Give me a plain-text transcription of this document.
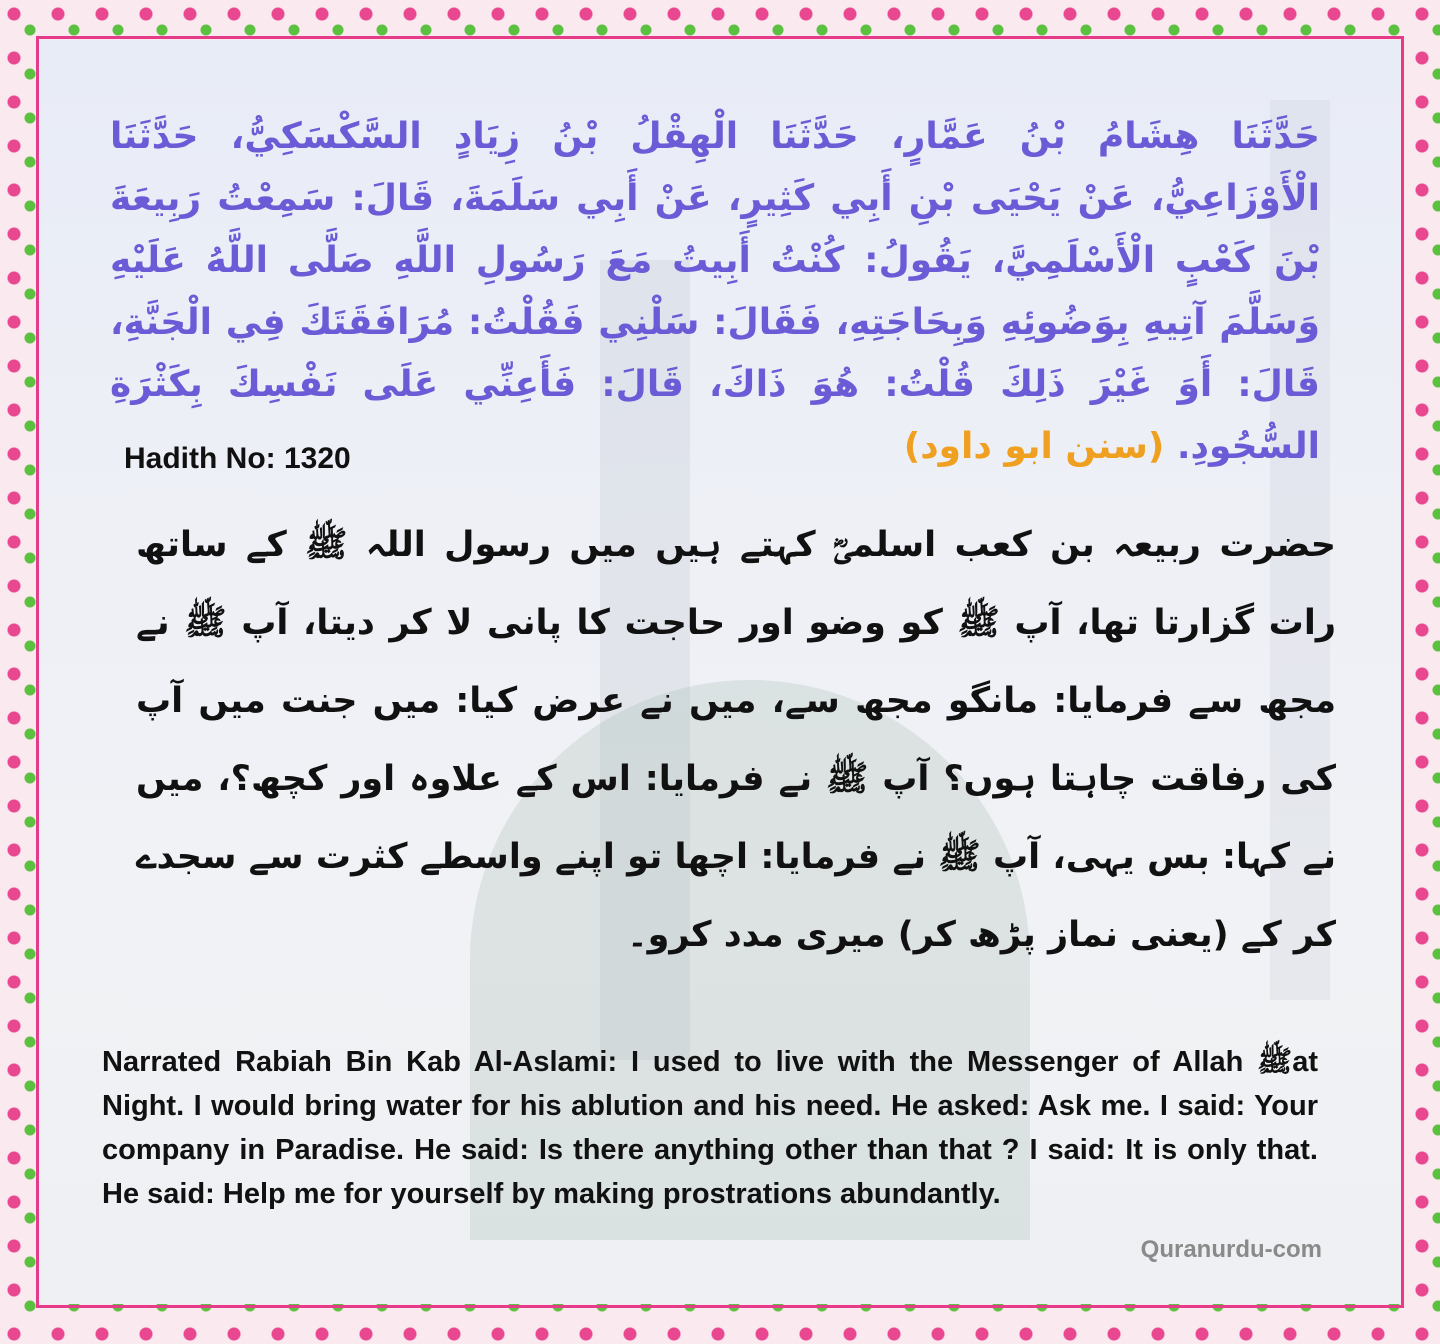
حَدَّثَنَا هِشَامُ بْنُ عَمَّارٍ، حَدَّثَنَا الْهِقْلُ بْنُ زِيَادٍ السَّكْسَكِيُّ، حَدَّثَنَا الْأَوْزَاعِيُّ، عَنْ يَحْيَى بْنِ أَبِي كَثِيرٍ، عَنْ أَبِي سَلَمَةَ، قَالَ: سَمِعْتُ رَبِيعَةَ بْنَ كَعْبٍ الْأَسْلَمِيَّ، يَقُولُ: كُنْتُ أَبِيتُ مَعَ رَسُولِ اللَّهِ صَلَّى اللَّهُ عَلَيْهِ وَسَلَّمَ آتِيهِ بِوَضُوئِهِ وَبِحَاجَتِهِ، فَقَالَ: سَلْنِي فَقُلْتُ: مُرَافَقَتَكَ فِي الْجَنَّةِ، قَالَ: أَوَ غَيْرَ ذَلِكَ قُلْتُ: هُوَ ذَاكَ، قَالَ: فَأَعِنِّي عَلَى نَفْسِكَ بِكَثْرَةِ السُّجُودِ. (سنن ابو داود)
Hadith No: 1320
حضرت ربیعہ بن کعب اسلمیؓ کہتے ہیں میں رسول اللہ ﷺ کے ساتھ رات گزارتا تھا، آپ ﷺ کو وضو اور حاجت کا پانی لا کر دیتا، آپ ﷺ نے مجھ سے فرمایا: مانگو مجھ سے، میں نے عرض کیا: میں جنت میں آپ کی رفاقت چاہتا ہوں؟ آپ ﷺ نے فرمایا: اس کے علاوہ اور کچھ؟، میں نے کہا: بس یہی، آپ ﷺ نے فرمایا: اچھا تو اپنے واسطے کثرت سے سجدے کر کے (یعنی نماز پڑھ کر) میری مدد کرو۔
Narrated Rabiah Bin Kab Al-Aslami: I used to live with the Messenger of Allah ﷺat Night. I would bring water for his ablution and his need. He asked: Ask me. I said: Your company in Paradise. He said: Is there anything other than that ? I said: It is only that. He said: Help me for yourself by making prostrations abundantly.
Quranurdu-com
